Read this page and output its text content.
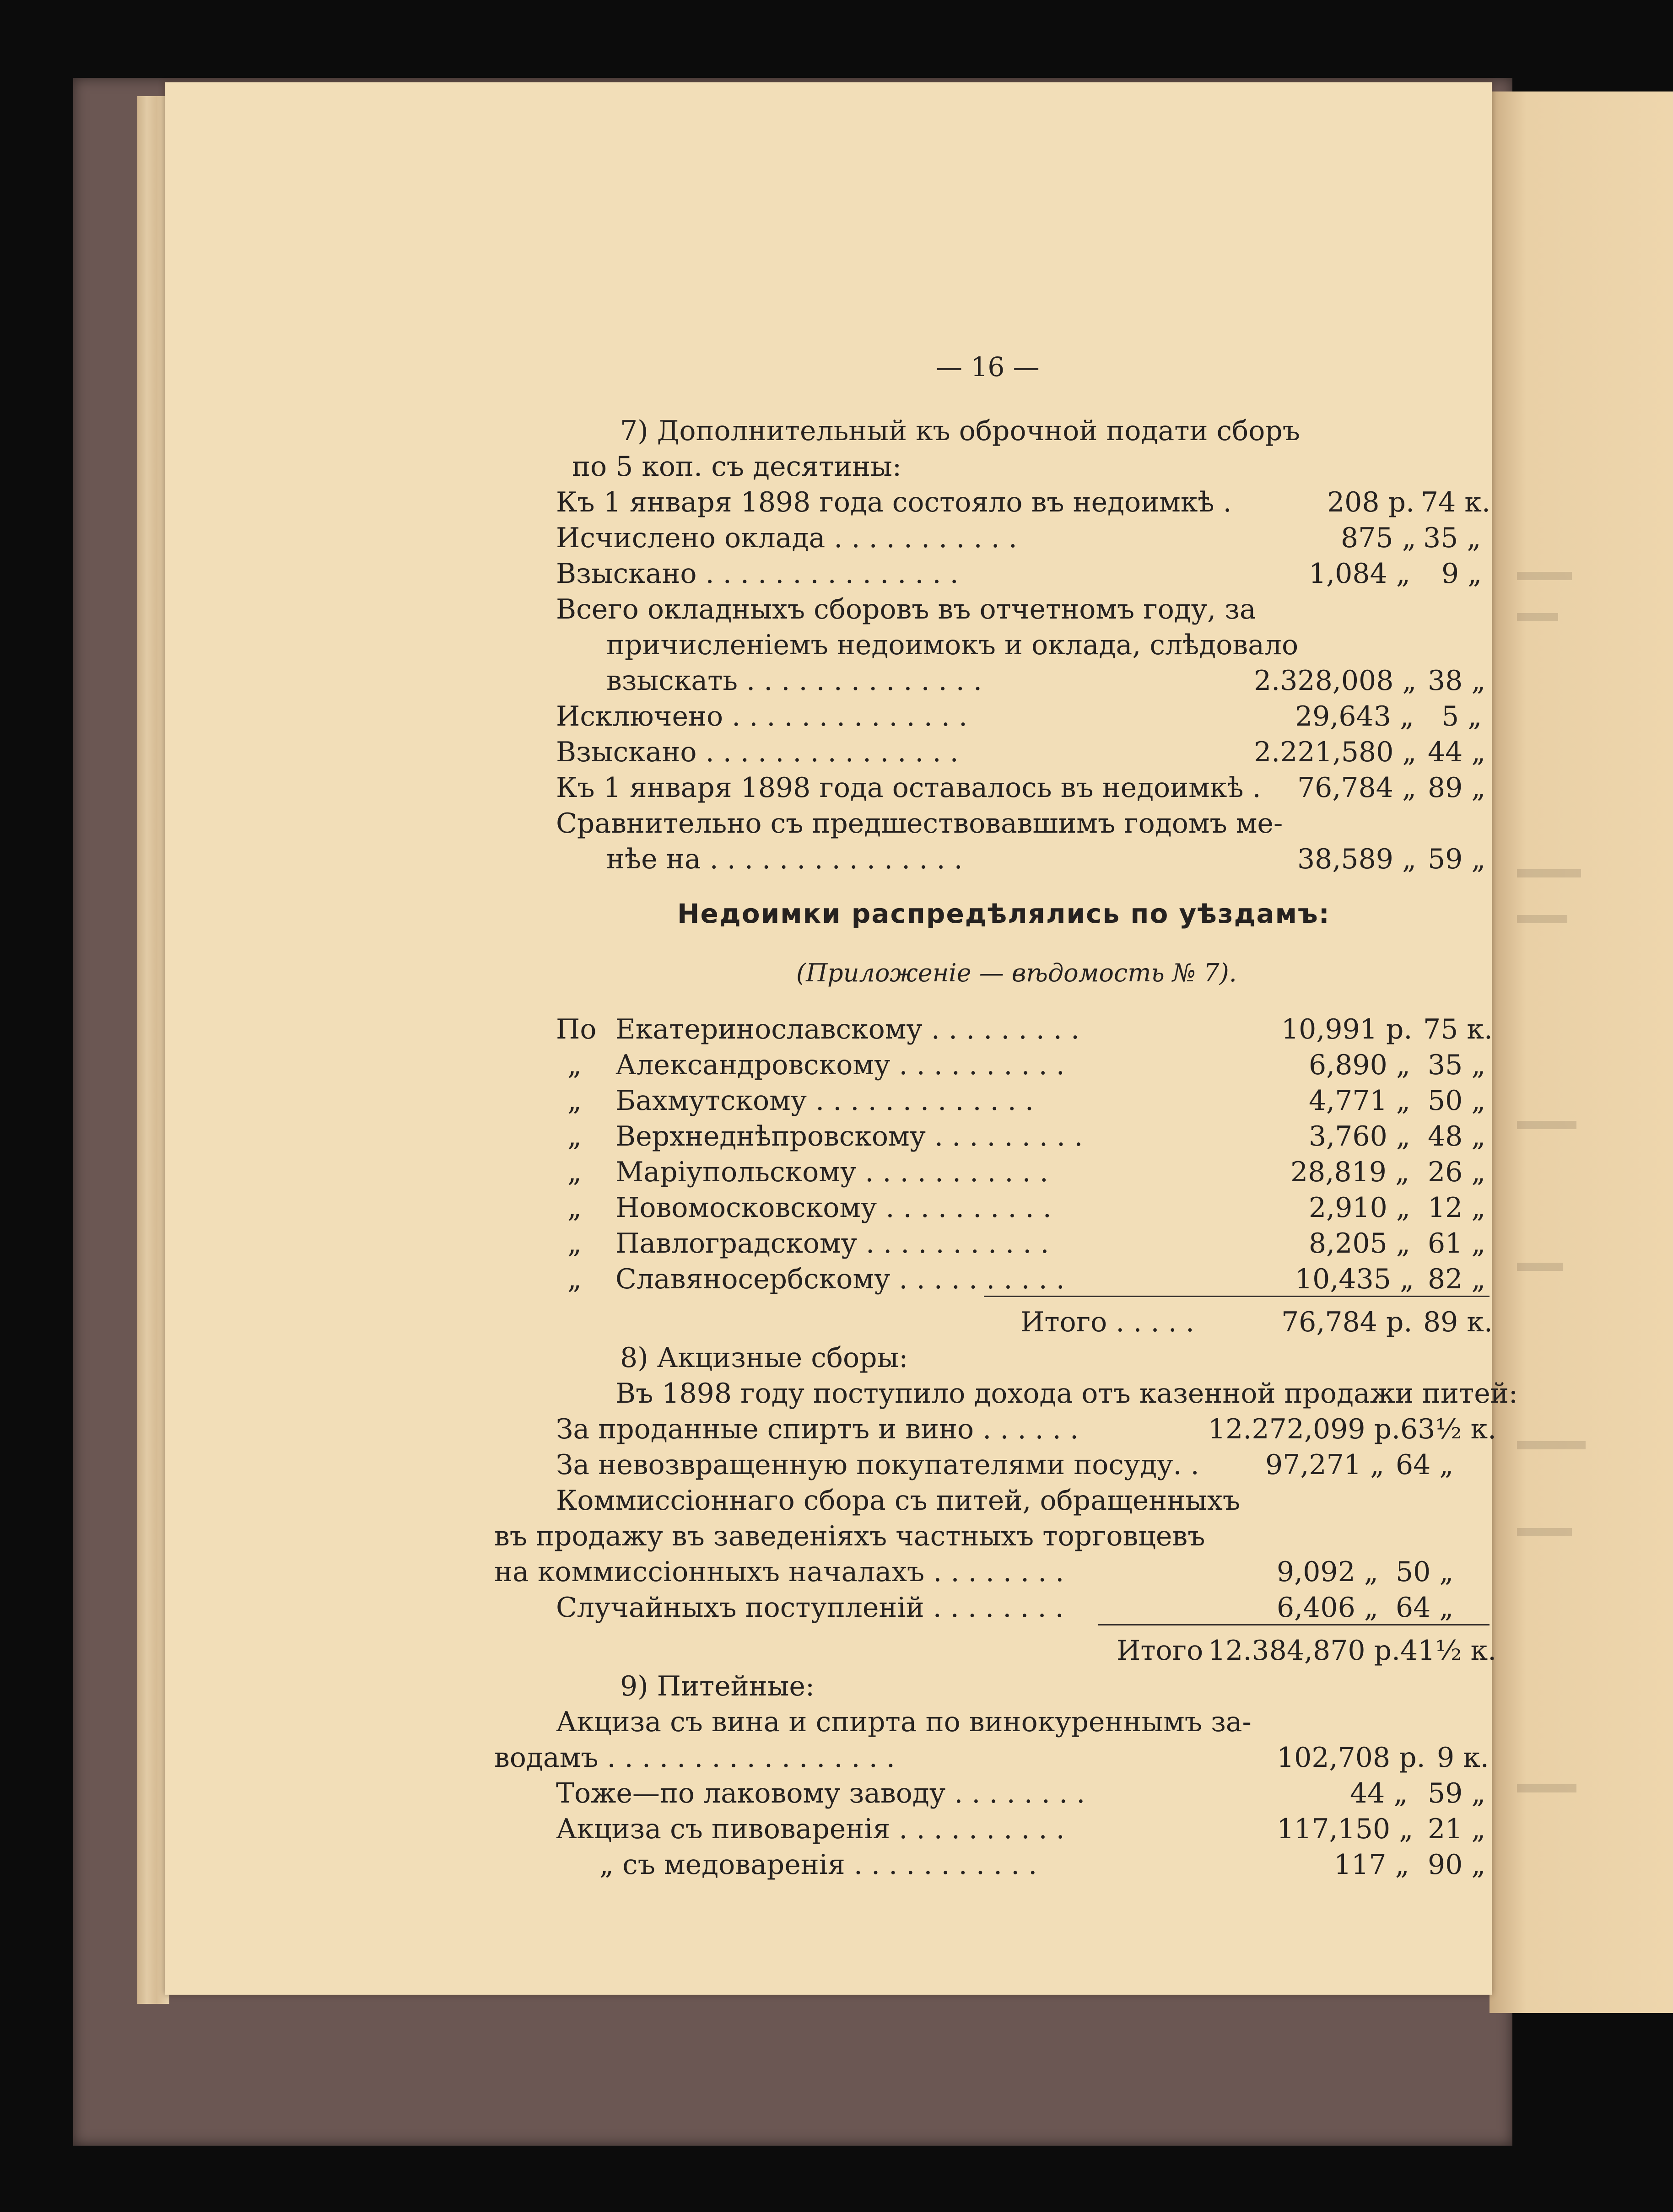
— 16 —
7) Дополнительный къ оброчной подати сборъ
по 5 коп. съ десятины:
Къ 1 января 1898 года состояло въ недоимкѣ .	208 р. 74 к.
Исчислено оклада . . . . . . . . . . .	875 „ 35 „
Взыскано . . . . . . . . . . . . . . .	1,084 „ 9 „
Всего окладныхъ сборовъ въ отчетномъ году, за
причисленіемъ недоимокъ и оклада, слѣдовало
взыскать . . . . . . . . . . . . . .	2.328,008 „ 38 „
Исключено . . . . . . . . . . . . . .	29,643 „ 5 „
Взыскано . . . . . . . . . . . . . . .	2.221,580 „ 44 „
Къ 1 января 1898 года оставалось въ недоимкѣ . 76,784 „ 89 „
Сравнительно съ предшествовавшимъ годомъ ме-
нѣе на . . . . . . . . . . . . . . .	38,589 „ 59 „
Недоимки распредѣлялись по уѣздамъ:
(Приложеніе — вѣдомость № 7).
По Екатеринославскому . . . . . . . . .	10,991 р. 75 к.
„ Александровскому . . . . . . . . . .	6,890 „ 35 „
„ Бахмутскому . . . . . . . . . . . . .	4,771 „ 50 „
„ Верхнеднѣпровскому . . . . . . . . .	3,760 „ 48 „
„ Маріупольскому . . . . . . . . . . .	28,819 „ 26 „
„ Новомосковскому . . . . . . . . . .	2,910 „ 12 „
„ Павлоградскому . . . . . . . . . . .	8,205 „ 61 „
„ Славяносербскому . . . . . . . . . .	10,435 „ 82 „
Итого . . . . .	76,784 р. 89 к.
8) Акцизные сборы:
Въ 1898 году поступило дохода отъ казенной продажи питей:
За проданные спиртъ и вино . . . . . .	12.272,099 р. 63½ к.
За невозвращенную покупателями посуду. . 97,271 „ 64 „
Коммиссіоннаго сбора съ питей, обращенныхъ
въ продажу въ заведеніяхъ частныхъ торговцевъ
на коммиссіонныхъ началахъ . . . . . . . .	9,092 „ 50 „
Случайныхъ поступленій . . . . . . . .	6,406 „ 64 „
Итого 12.384,870 р. 41½ к.
9) Питейные:
Акциза съ вина и спирта по винокуреннымъ за-
водамъ . . . . . . . . . . . . . . . . .	102,708 р. 9 к.
Тоже—по лаковому заводу . . . . . . . .	44 „ 59 „
Акциза съ пивоваренія . . . . . . . . . .	117,150 „ 21 „
„ съ медоваренія . . . . . . . . . . .	117 „ 90 „
